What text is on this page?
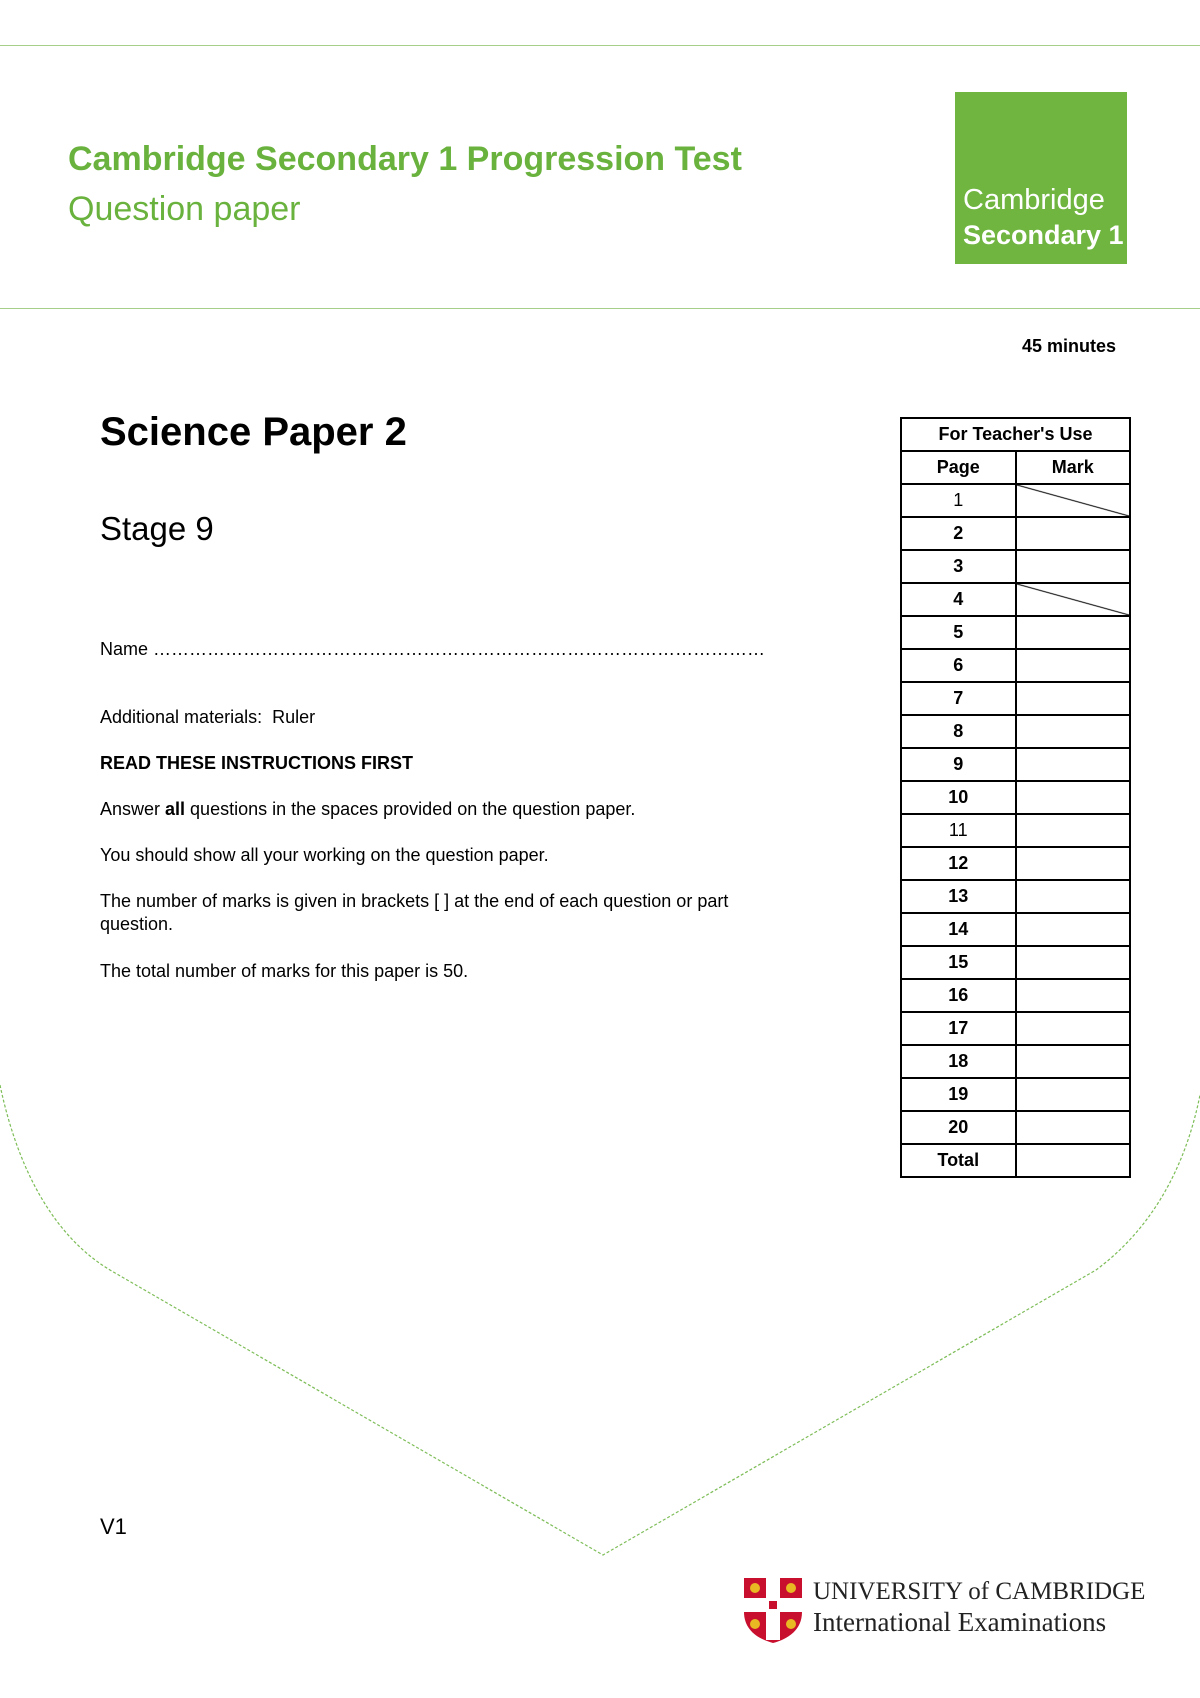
Cambridge Secondary 1 Progression Test
Question paper	Cambridge
Secondary 1
45 minutes
Science Paper 2
Stage 9
Name …………………………………………………………………………………………
Additional materials: Ruler
READ THESE INSTRUCTIONS FIRST
Answer all questions in the spaces provided on the question paper.
You should show all your working on the question paper.
The number of marks is given in brackets [ ] at the end of each question or part question.
The total number of marks for this paper is 50.
For Teacher's Use	
Page	Mark
1	
2	
3	
4	
5	
6	
7	
8	
9	
10	
11	
12	
13	
14	
15	
16	
17	
18	
19	
20	
Total	
V1
UNIVERSITY of CAMBRIDGE
International Examinations
